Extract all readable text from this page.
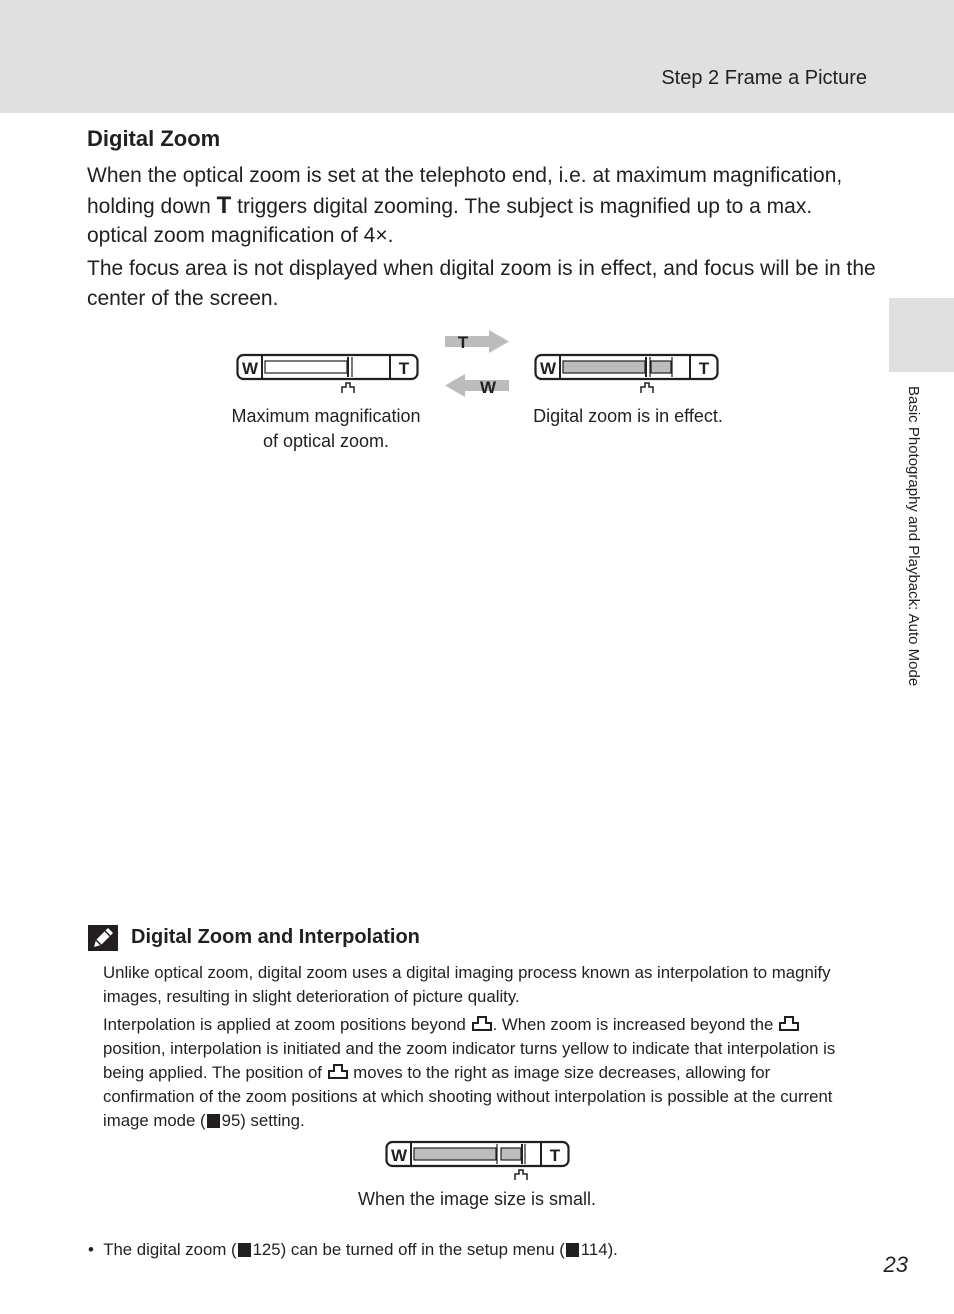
Step 2 Frame a Picture
Basic Photography and Playback: Auto Mode
Digital Zoom

When the optical zoom is set at the telephoto end, i.e. at maximum magnification, holding down T triggers digital zooming. The subject is magnified up to a max. optical zoom magnification of 4×.

The focus area is not displayed when digital zoom is in effect, and focus will be in the center of the screen.

W	T
T
W
W	T
Maximum magnification
of optical zoom.
Digital zoom is in effect.
Digital Zoom and Interpolation

Unlike optical zoom, digital zoom uses a digital imaging process known as interpolation to magnify images, resulting in slight deterioration of picture quality.

Interpolation is applied at zoom positions beyond . When zoom is increased beyond the  position, interpolation is initiated and the zoom indicator turns yellow to indicate that interpolation is being applied. The position of  moves to the right as image size decreases, allowing for confirmation of the zoom positions at which shooting without interpolation is possible at the current image mode ( 95) setting.

W	T
When the image size is small.
•  The digital zoom ( 125) can be turned off in the setup menu ( 114).
23
